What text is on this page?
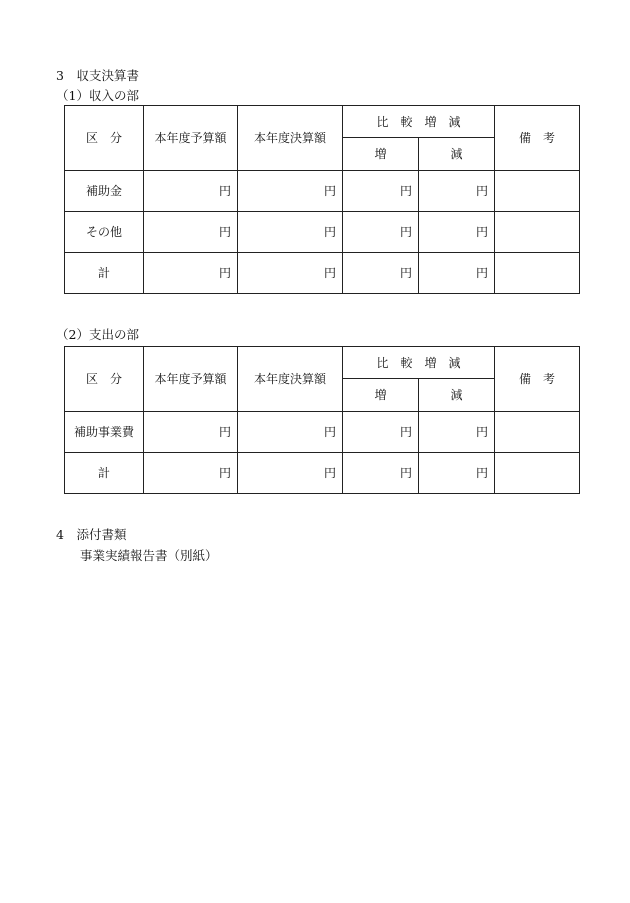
3　収支決算書
（1）収入の部
区　分	本年度予算額	本年度決算額	比　較　増　減		備　考
			増	減	
補助金	円	円	円	円	
その他	円	円	円	円	
計	円	円	円	円	
（2）支出の部
区　分	本年度予算額	本年度決算額	比　較　増　減		備　考
			増	減	
補助事業費	円	円	円	円	
計	円	円	円	円	
4　添付書類
事業実績報告書（別紙）
